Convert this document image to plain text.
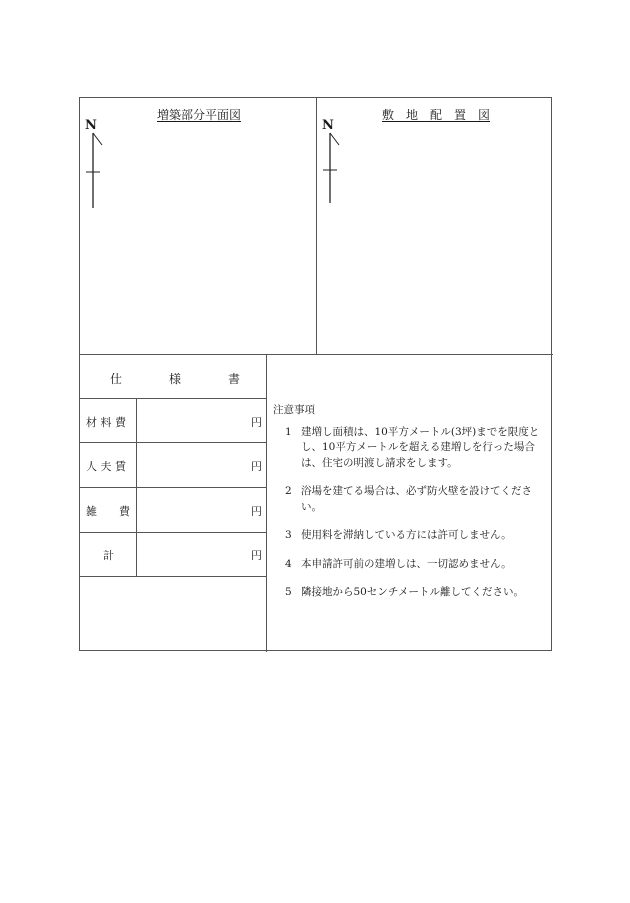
増築部分平面図
N
敷　地　配　置　図
N
仕	様	書
材 料 費	円
人 夫 賃	円
雑　　費	円
計	円
注意事項
1 建増し面積は、10平方メートル(3坪)までを限度とし、10平方メートルを超える建増しを行った場合は、住宅の明渡し請求をします。
2 浴場を建てる場合は、必ず防火壁を設けてください。
3 使用料を滞納している方には許可しません。
4 本申請許可前の建増しは、一切認めません。
5 隣接地から50センチメートル離してください。
